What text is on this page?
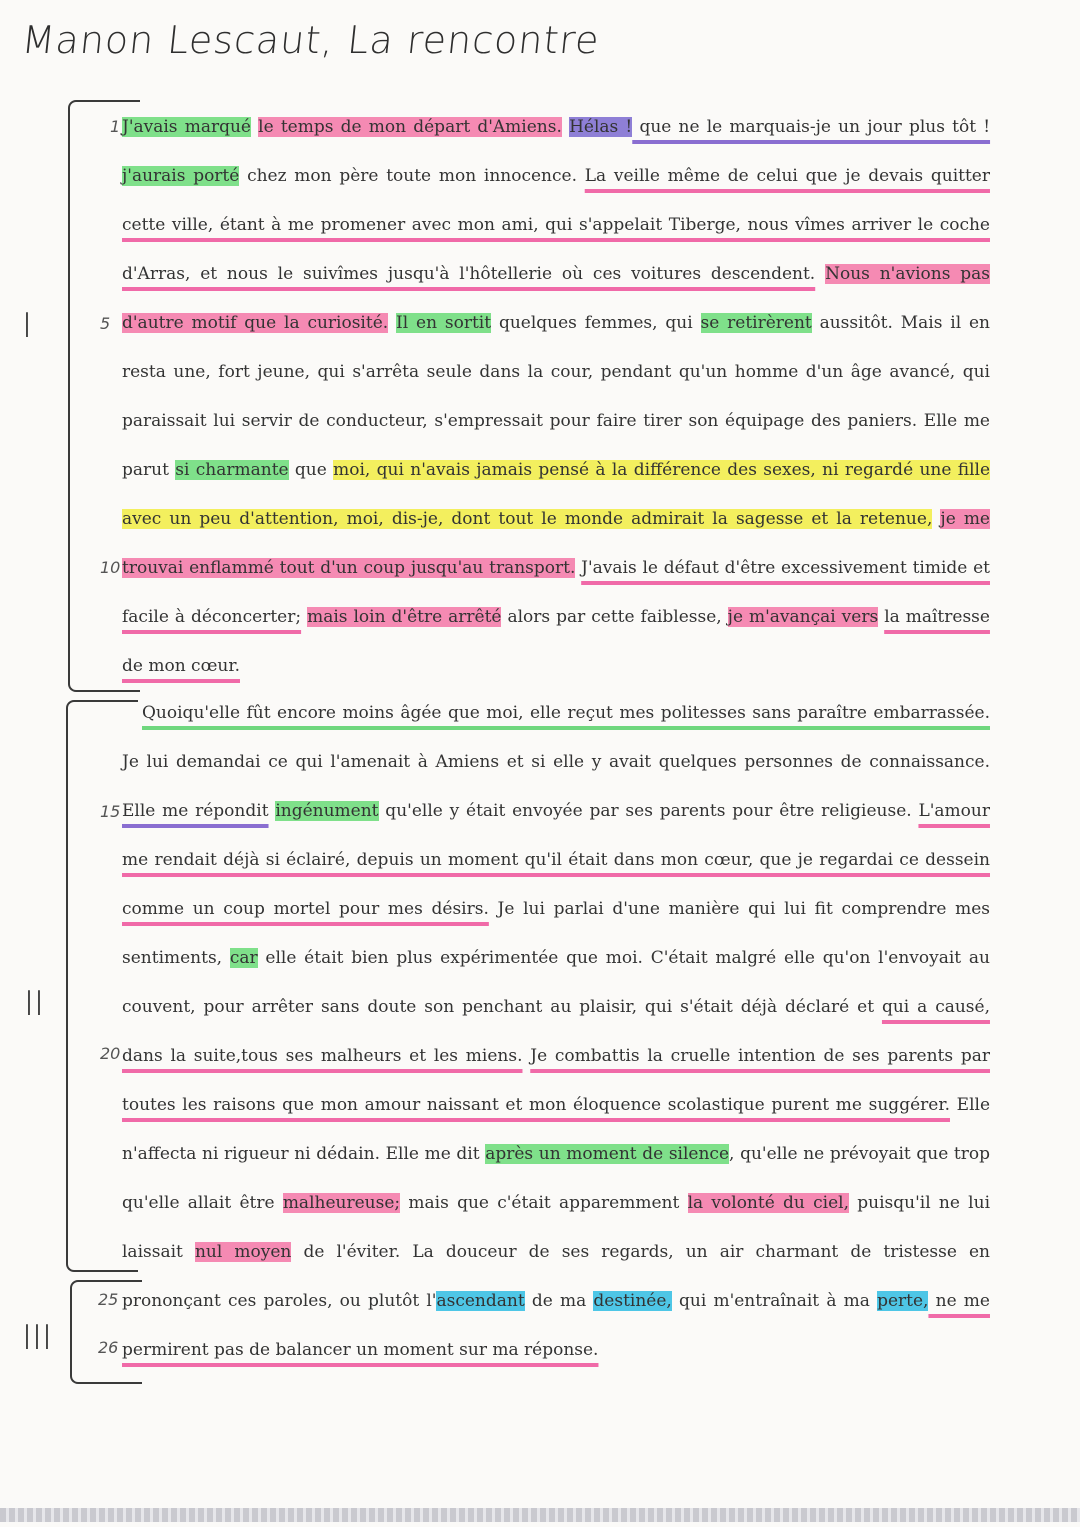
Manon Lescaut, La rencontre
I
II
III
1
5
10
15
20
25
26
J'avais marqué le temps de mon départ d'Amiens. Hélas ! que ne le marquais-je un jour plus tôt ! j'aurais porté chez mon père toute mon innocence. La veille même de celui que je devais quitter cette ville, étant à me promener avec mon ami, qui s'appelait Tiberge, nous vîmes arriver le coche d'Arras, et nous le suivîmes jusqu'à l'hôtellerie où ces voitures descendent. Nous n'avions pas d'autre motif que la curiosité. Il en sortit quelques femmes, qui se retirèrent aussitôt. Mais il en resta une, fort jeune, qui s'arrêta seule dans la cour, pendant qu'un homme d'un âge avancé, qui paraissait lui servir de conducteur, s'empressait pour faire tirer son équipage des paniers. Elle me parut si charmante que moi, qui n'avais jamais pensé à la différence des sexes, ni regardé une fille avec un peu d'attention, moi, dis-je, dont tout le monde admirait la sagesse et la retenue, je me trouvai enflammé tout d'un coup jusqu'au transport. J'avais le défaut d'être excessivement timide et facile à déconcerter; mais loin d'être arrêté alors par cette faiblesse, je m'avançai vers la maîtresse de mon cœur.
Quoiqu'elle fût encore moins âgée que moi, elle reçut mes politesses sans paraître embarrassée. Je lui demandai ce qui l'amenait à Amiens et si elle y avait quelques personnes de connaissance. Elle me répondit ingénument qu'elle y était envoyée par ses parents pour être religieuse. L'amour me rendait déjà si éclairé, depuis un moment qu'il était dans mon cœur, que je regardai ce dessein comme un coup mortel pour mes désirs. Je lui parlai d'une manière qui lui fit comprendre mes sentiments, car elle était bien plus expérimentée que moi. C'était malgré elle qu'on l'envoyait au couvent, pour arrêter sans doute son penchant au plaisir, qui s'était déjà déclaré et qui a causé, dans la suite,tous ses malheurs et les miens. Je combattis la cruelle intention de ses parents par toutes les raisons que mon amour naissant et mon éloquence scolastique purent me suggérer. Elle n'affecta ni rigueur ni dédain. Elle me dit après un moment de silence, qu'elle ne prévoyait que trop qu'elle allait être malheureuse; mais que c'était apparemment la volonté du ciel, puisqu'il ne lui laissait nul moyen de l'éviter. La douceur de ses regards, un air charmant de tristesse en prononçant ces paroles, ou plutôt l'ascendant de ma destinée, qui m'entraînait à ma perte, ne me permirent pas de balancer un moment sur ma réponse.
